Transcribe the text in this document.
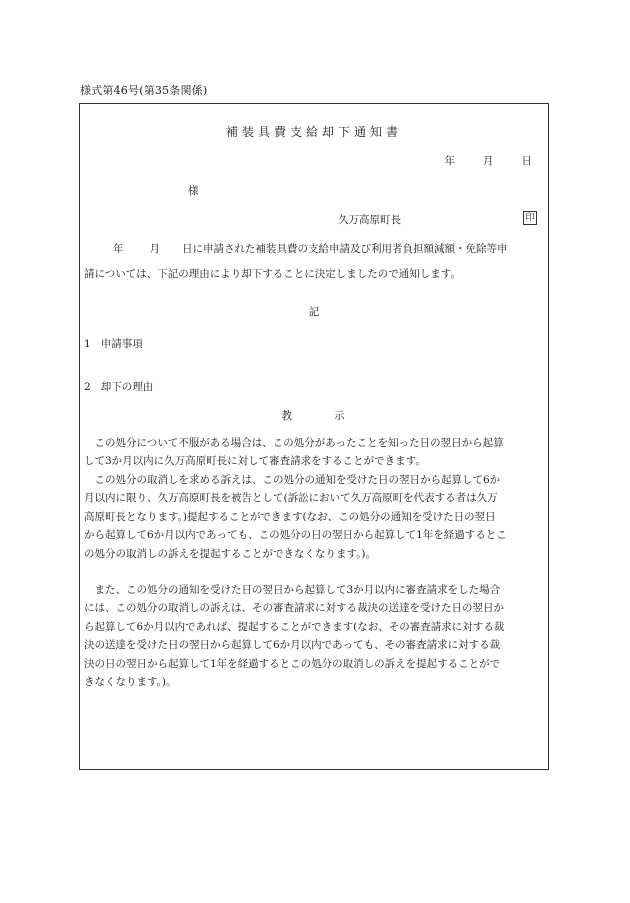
様式第46号(第35条関係)
補装具費支給却下通知書
年	月	日
様
久万高原町長	印
年 月 日に申請された補装具費の支給申請及び利用者負担額減額・免除等申
請については、下記の理由により却下することに決定しましたので通知します。
記
1 申請事項
2 却下の理由
教	示
　この処分について不服がある場合は、この処分があったことを知った日の翌日から起算
して3か月以内に久万高原町長に対して審査請求をすることができます。
　この処分の取消しを求める訴えは、この処分の通知を受けた日の翌日から起算して6か
月以内に限り、久万高原町長を被告として(訴訟において久万高原町を代表する者は久万
高原町長となります。)提起することができます(なお、この処分の通知を受けた日の翌日
から起算して6か月以内であっても、この処分の日の翌日から起算して1年を経過するとこ
の処分の取消しの訴えを提起することができなくなります。)。
　また、この処分の通知を受けた日の翌日から起算して3か月以内に審査請求をした場合
には、この処分の取消しの訴えは、その審査請求に対する裁決の送達を受けた日の翌日か
ら起算して6か月以内であれば、提起することができます(なお、その審査請求に対する裁
決の送達を受けた日の翌日から起算して6か月以内であっても、その審査請求に対する裁
決の日の翌日から起算して1年を経過するとこの処分の取消しの訴えを提起することがで
きなくなります。)。
